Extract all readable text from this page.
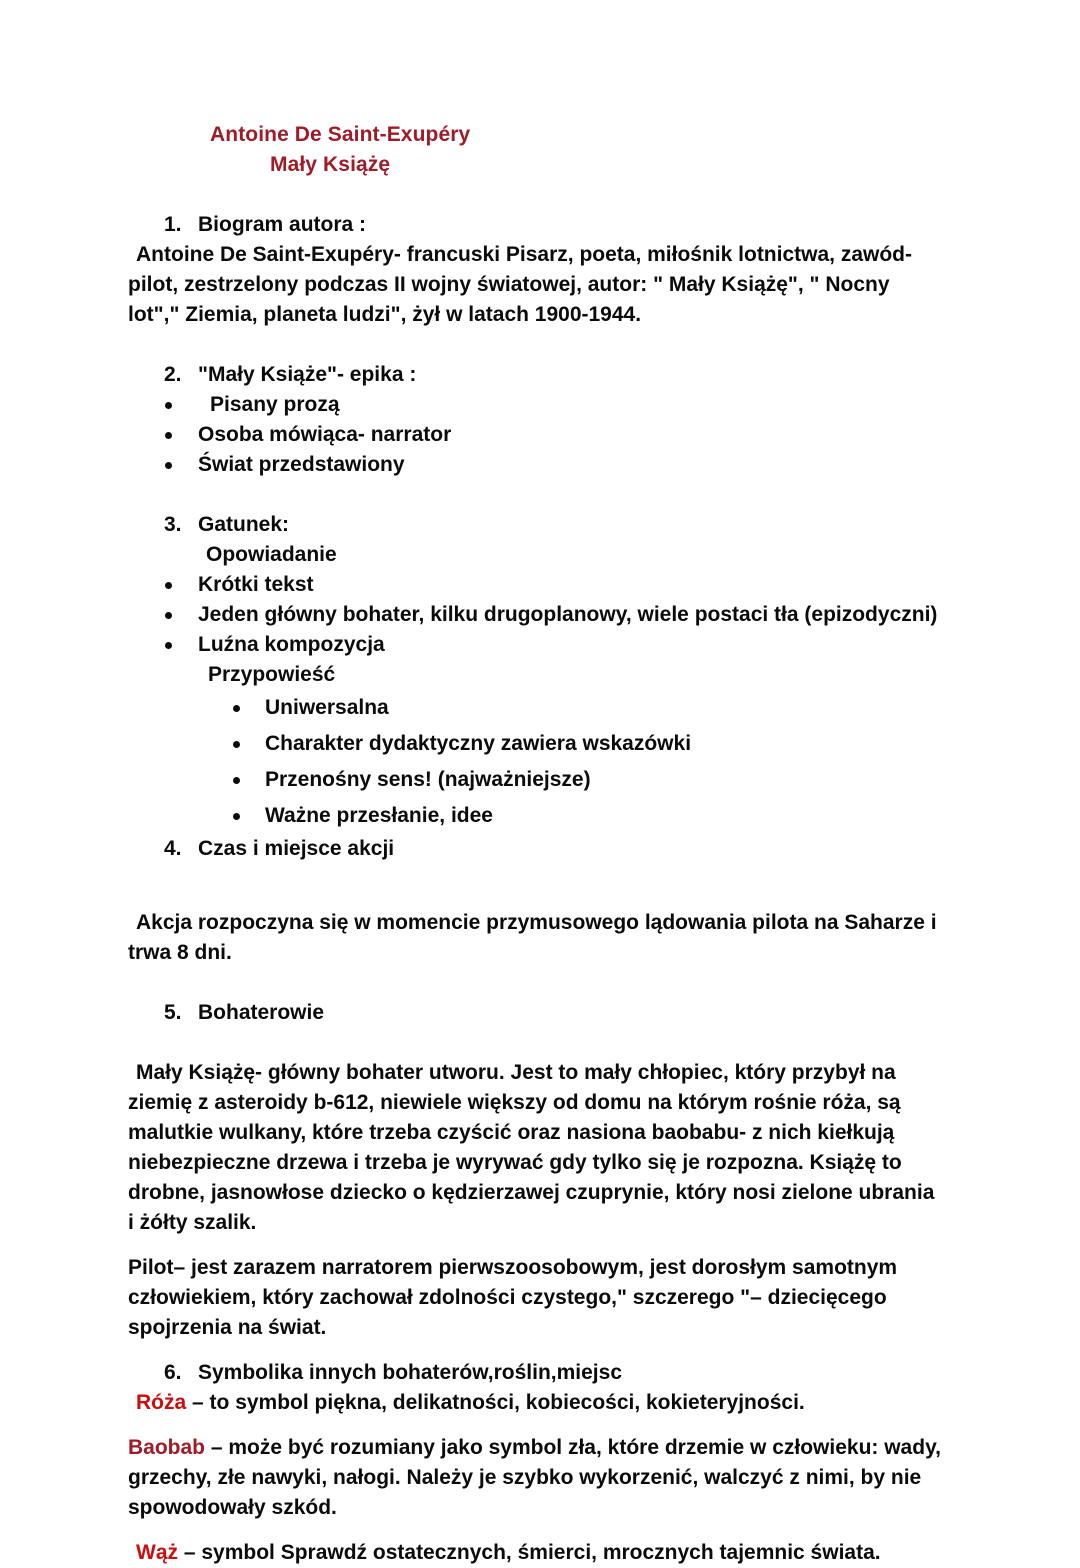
Antoine De Saint-Exupéry
Mały Książę
1. Biogram autora :
Antoine De Saint-Exupéry- francuski Pisarz, poeta, miłośnik lotnictwa, zawód- pilot, zestrzelony podczas II wojny światowej, autor: " Mały Książę", " Nocny lot"," Ziemia, planeta ludzi", żył w latach 1900-1944.
2. "Mały Książe"- epika :
Pisany prozą
Osoba mówiąca- narrator
Świat przedstawiony
3. Gatunek:
Opowiadanie
Krótki tekst
Jeden główny bohater, kilku drugoplanowy, wiele postaci tła (epizodyczni)
Luźna kompozycja
Przypowieść
Uniwersalna
Charakter dydaktyczny zawiera wskazówki
Przenośny sens! (najważniejsze)
Ważne przesłanie, idee
4. Czas i miejsce akcji
Akcja rozpoczyna się w momencie przymusowego lądowania pilota na Saharze i trwa 8 dni.
5. Bohaterowie
Mały Książę- główny bohater utworu. Jest to mały chłopiec, który przybył na ziemię z asteroidy b-612, niewiele większy od domu na którym rośnie róża, są malutkie wulkany, które trzeba czyścić oraz nasiona baobabu- z nich kiełkują niebezpieczne drzewa i trzeba je wyrywać gdy tylko się je rozpozna. Książę to drobne, jasnowłose dziecko o kędzierzawej czuprynie, który nosi zielone ubrania i żółty szalik.
Pilot– jest zarazem narratorem pierwszoosobowym, jest dorosłym samotnym człowiekiem, który zachował zdolności czystego," szczerego "– dziecięcego spojrzenia na świat.
6. Symbolika innych bohaterów,roślin,miejsc
Róża – to symbol piękna, delikatności, kobiecości, kokieteryjności.
Baobab – może być rozumiany jako symbol zła, które drzemie w człowieku: wady, grzechy, złe nawyki, nałogi. Należy je szybko wykorzenić, walczyć z nimi, by nie spowodowały szkód.
Wąż – symbol Sprawdź ostatecznych, śmierci, mrocznych tajemnic świata.
